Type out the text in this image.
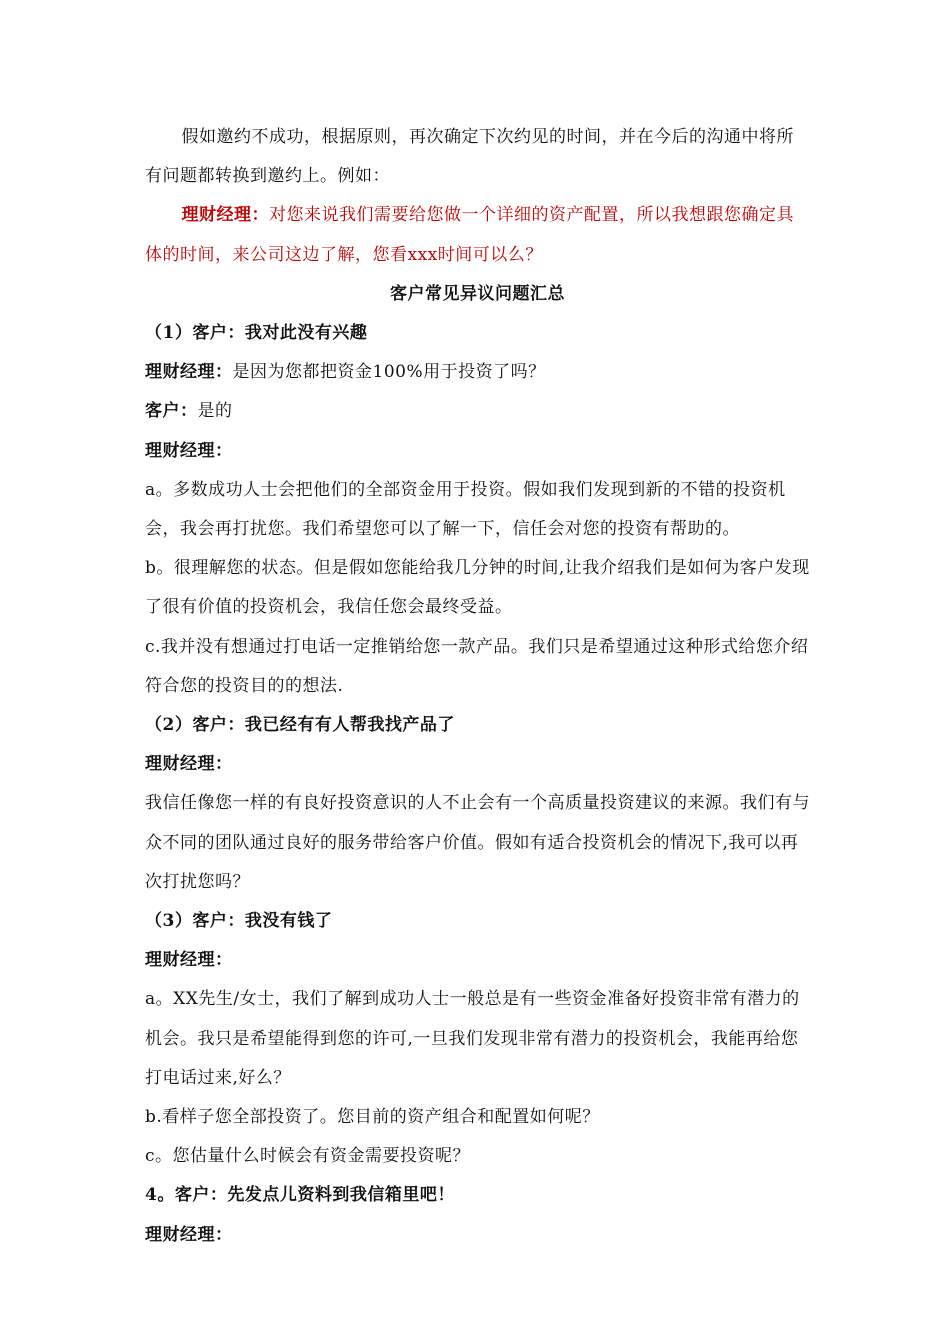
假如邀约不成功，根据原则，再次确定下次约见的时间，并在今后的沟通中将所有问题都转换到邀约上。例如：

理财经理：对您来说我们需要给您做一个详细的资产配置，所以我想跟您确定具体的时间，来公司这边了解，您看xxx时间可以么？

客户常见异议问题汇总

（1）客户：我对此没有兴趣

理财经理：是因为您都把资金100%用于投资了吗？

客户：是的

理财经理：

a。多数成功人士会把他们的全部资金用于投资。假如我们发现到新的不错的投资机会，我会再打扰您。我们希望您可以了解一下，信任会对您的投资有帮助的。

b。很理解您的状态。但是假如您能给我几分钟的时间,让我介绍我们是如何为客户发现了很有价值的投资机会，我信任您会最终受益。

c.我并没有想通过打电话一定推销给您一款产品。我们只是希望通过这种形式给您介绍符合您的投资目的的想法.

（2）客户：我已经有有人帮我找产品了

理财经理：

我信任像您一样的有良好投资意识的人不止会有一个高质量投资建议的来源。我们有与众不同的团队通过良好的服务带给客户价值。假如有适合投资机会的情况下,我可以再次打扰您吗？

（3）客户：我没有钱了

理财经理：

a。XX先生/女士，我们了解到成功人士一般总是有一些资金准备好投资非常有潜力的机会。我只是希望能得到您的许可,一旦我们发现非常有潜力的投资机会，我能再给您打电话过来,好么？

b.看样子您全部投资了。您目前的资产组合和配置如何呢？

c。您估量什么时候会有资金需要投资呢？

4。客户：先发点儿资料到我信箱里吧！

理财经理：
